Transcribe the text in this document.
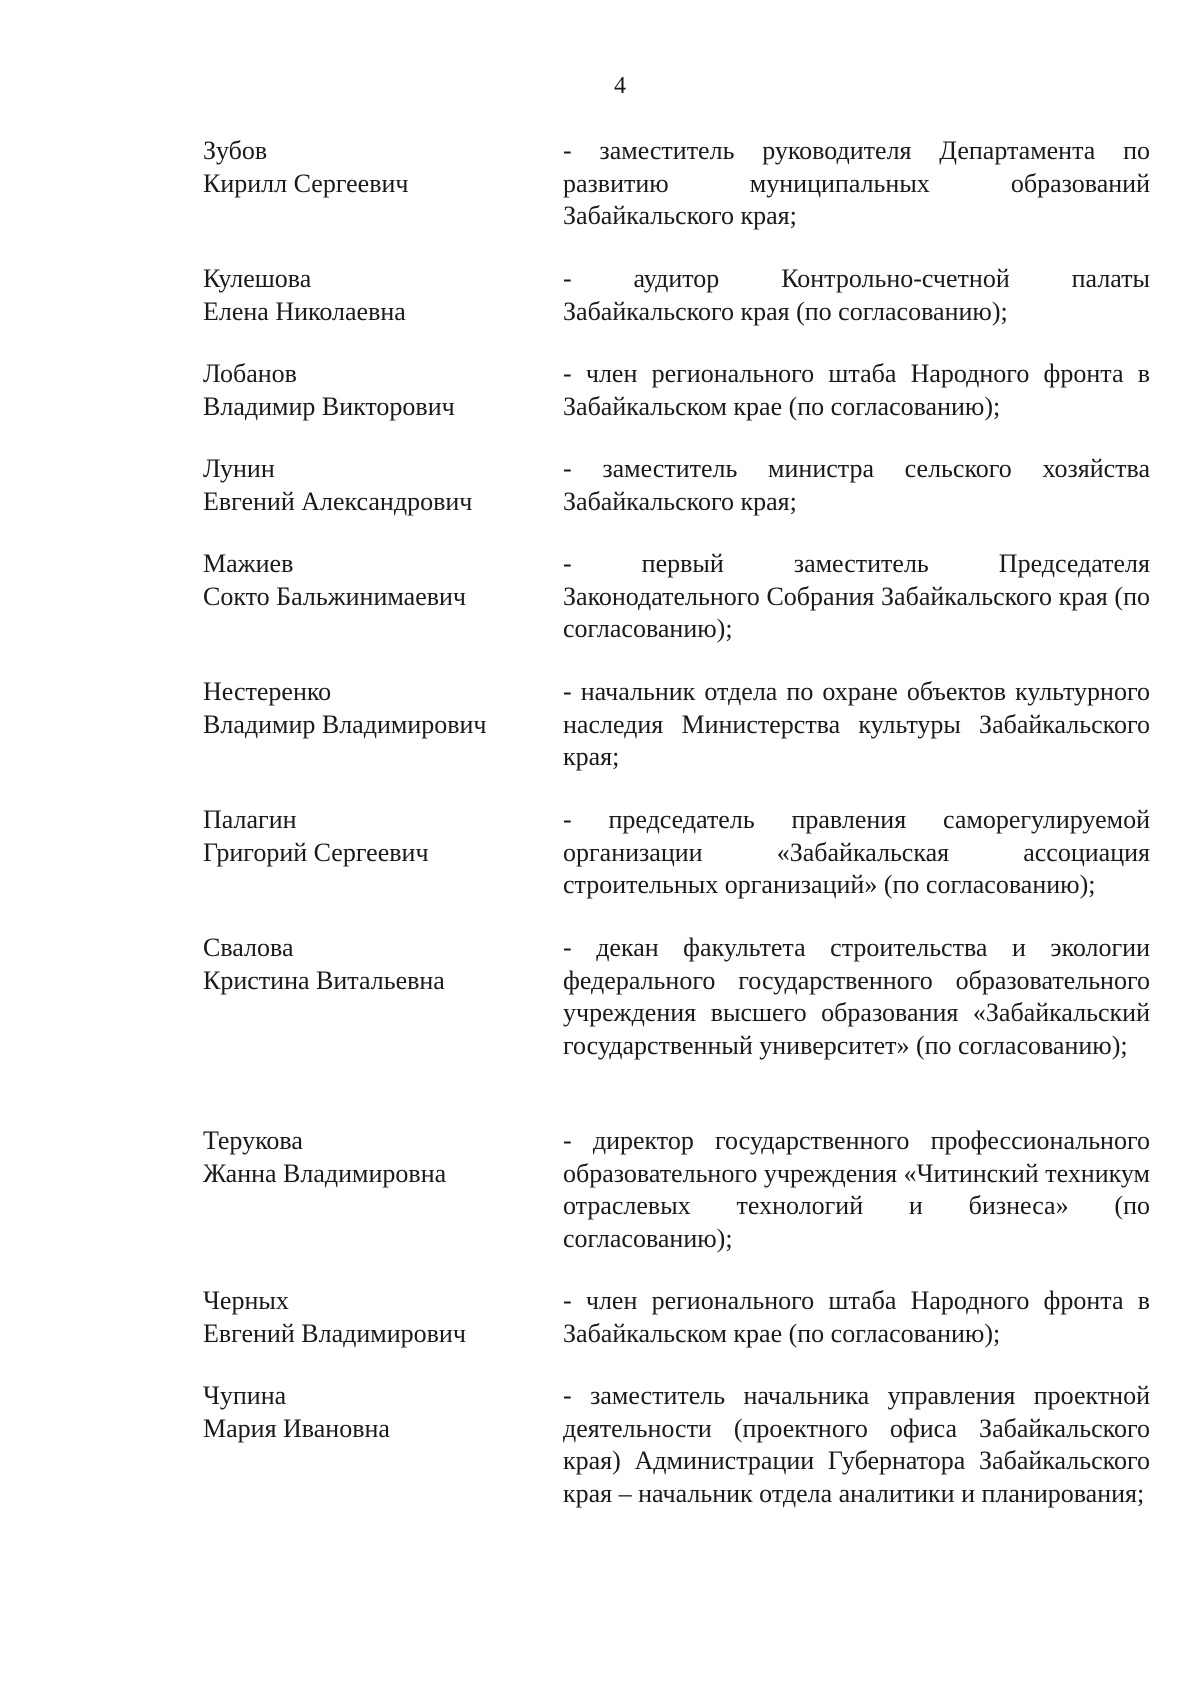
4
Зубов
Кирилл Сергеевич
- заместитель руководителя Департамента по развитию муниципальных образований Забайкальского края;
Кулешова
Елена Николаевна
- аудитор Контрольно-счетной палаты Забайкальского края (по согласованию);
Лобанов
Владимир Викторович
- член регионального штаба Народного фронта в Забайкальском крае (по согласованию);
Лунин
Евгений Александрович
- заместитель министра сельского хозяйства Забайкальского края;
Мажиев
Сокто Бальжинимаевич
- первый заместитель Председателя Законодательного Собрания Забайкальского края (по согласованию);
Нестеренко
Владимир Владимирович
- начальник отдела по охране объектов культурного наследия Министерства культуры Забайкальского края;
Палагин
Григорий Сергеевич
- председатель правления саморегулируемой организации «Забайкальская ассоциация строительных организаций» (по согласованию);
Свалова
Кристина Витальевна
- декан факультета строительства и экологии федерального государственного образовательного учреждения высшего образования «Забайкальский государственный университет» (по согласованию);
Терукова
Жанна Владимировна
- директор государственного профессионального образовательного учреждения «Читинский техникум отраслевых технологий и бизнеса» (по согласованию);
Черных
Евгений Владимирович
- член регионального штаба Народного фронта в Забайкальском крае (по согласованию);
Чупина
Мария Ивановна
- заместитель начальника управления проектной деятельности (проектного офиса Забайкальского края) Администрации Губернатора Забайкальского края – начальник отдела аналитики и планирования;
